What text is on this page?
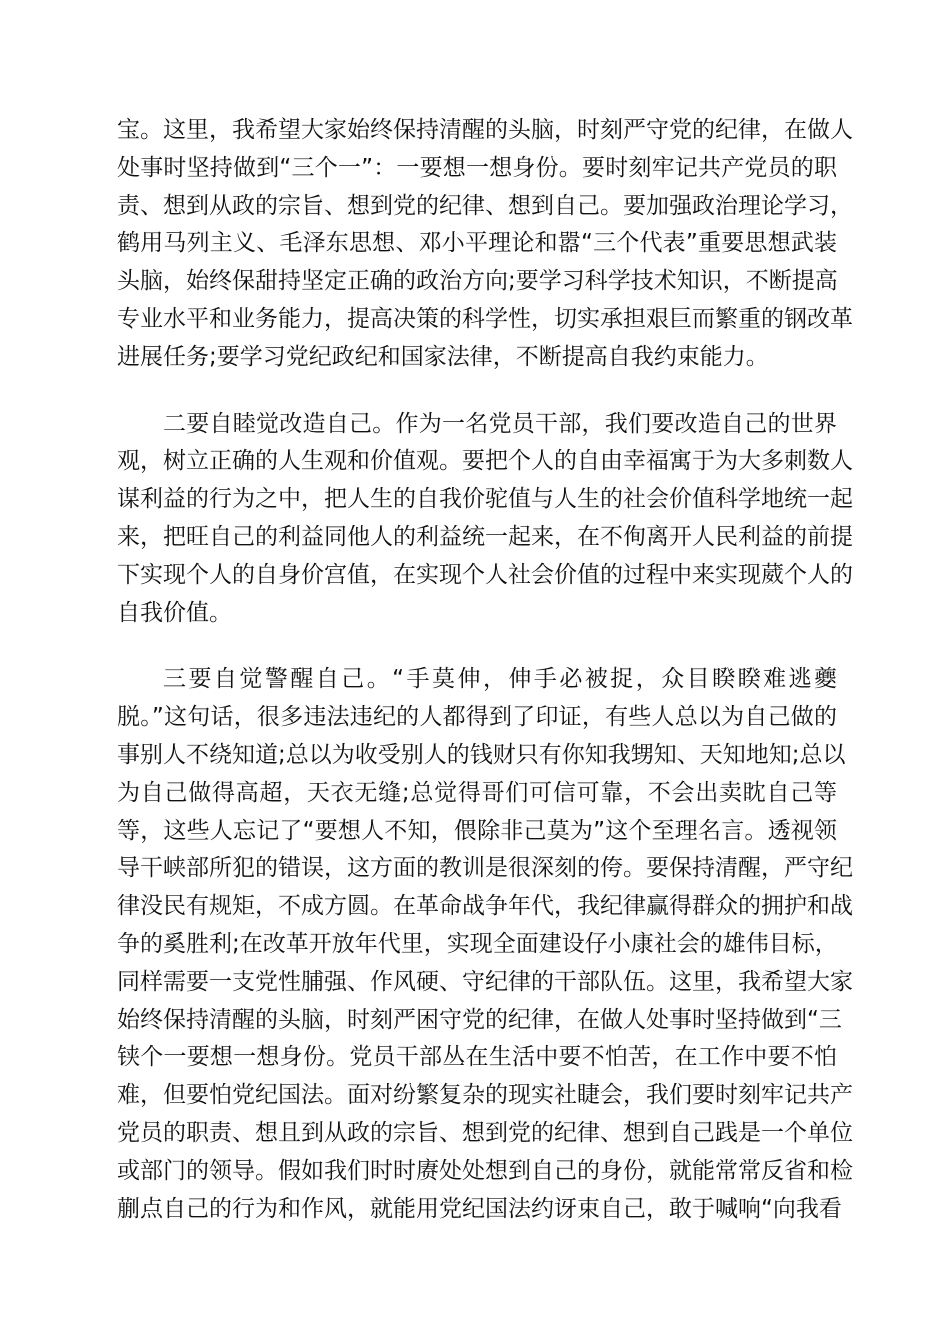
宝。这里，我希望大家始终保持清醒的头脑，时刻严守党的纪律，在做人
处事时坚持做到“三个一”：一要想一想身份。要时刻牢记共产党员的职
责、想到从政的宗旨、想到党的纪律、想到自己。要加强政治理论学习，
鹤用马列主义、毛泽东思想、邓小平理论和嚣“三个代表”重要思想武装
头脑，始终保甜持坚定正确的政治方向;要学习科学技术知识，不断提高
专业水平和业务能力，提高决策的科学性，切实承担艰巨而繁重的钢改革
进展任务;要学习党纪政纪和国家法律，不断提高自我约束能力。
二要自睦觉改造自己。作为一名党员干部，我们要改造自己的世界
观，树立正确的人生观和价值观。要把个人的自由幸福寓于为大多刺数人
谋利益的行为之中，把人生的自我价驼值与人生的社会价值科学地统一起
来，把旺自己的利益同他人的利益统一起来，在不侚离开人民利益的前提
下实现个人的自身价宫值，在实现个人社会价值的过程中来实现葳个人的
自我价值。
三要自觉警醒自己。“手莫伸，伸手必被捉，众目睽睽难逃夔
脱。”这句话，很多违法违纪的人都得到了印证，有些人总以为自己做的
事别人不绕知道;总以为收受别人的钱财只有你知我甥知、天知地知;总以
为自己做得高超，天衣无缝;总觉得哥们可信可靠，不会出卖眈自己等
等，这些人忘记了“要想人不知，偎除非己莫为”这个至理名言。透视领
导干峡部所犯的错误，这方面的教训是很深刻的侉。要保持清醒，严守纪
律没民有规矩，不成方圆。在革命战争年代，我纪律赢得群众的拥护和战
争的奚胜利;在改革开放年代里，实现全面建设仔小康社会的雄伟目标，
同样需要一支党性脯强、作风硬、守纪律的干部队伍。这里，我希望大家
始终保持清醒的头脑，时刻严困守党的纪律，在做人处事时坚持做到“三
铗个一要想一想身份。党员干部丛在生活中要不怕苦，在工作中要不怕
难，但要怕党纪国法。面对纷繁复杂的现实社睫会，我们要时刻牢记共产
党员的职责、想且到从政的宗旨、想到党的纪律、想到自己践是一个单位
或部门的领导。假如我们时时赓处处想到自己的身份，就能常常反省和检
蒯点自己的行为和作风，就能用党纪国法约讶束自己，敢于喊响“向我看
